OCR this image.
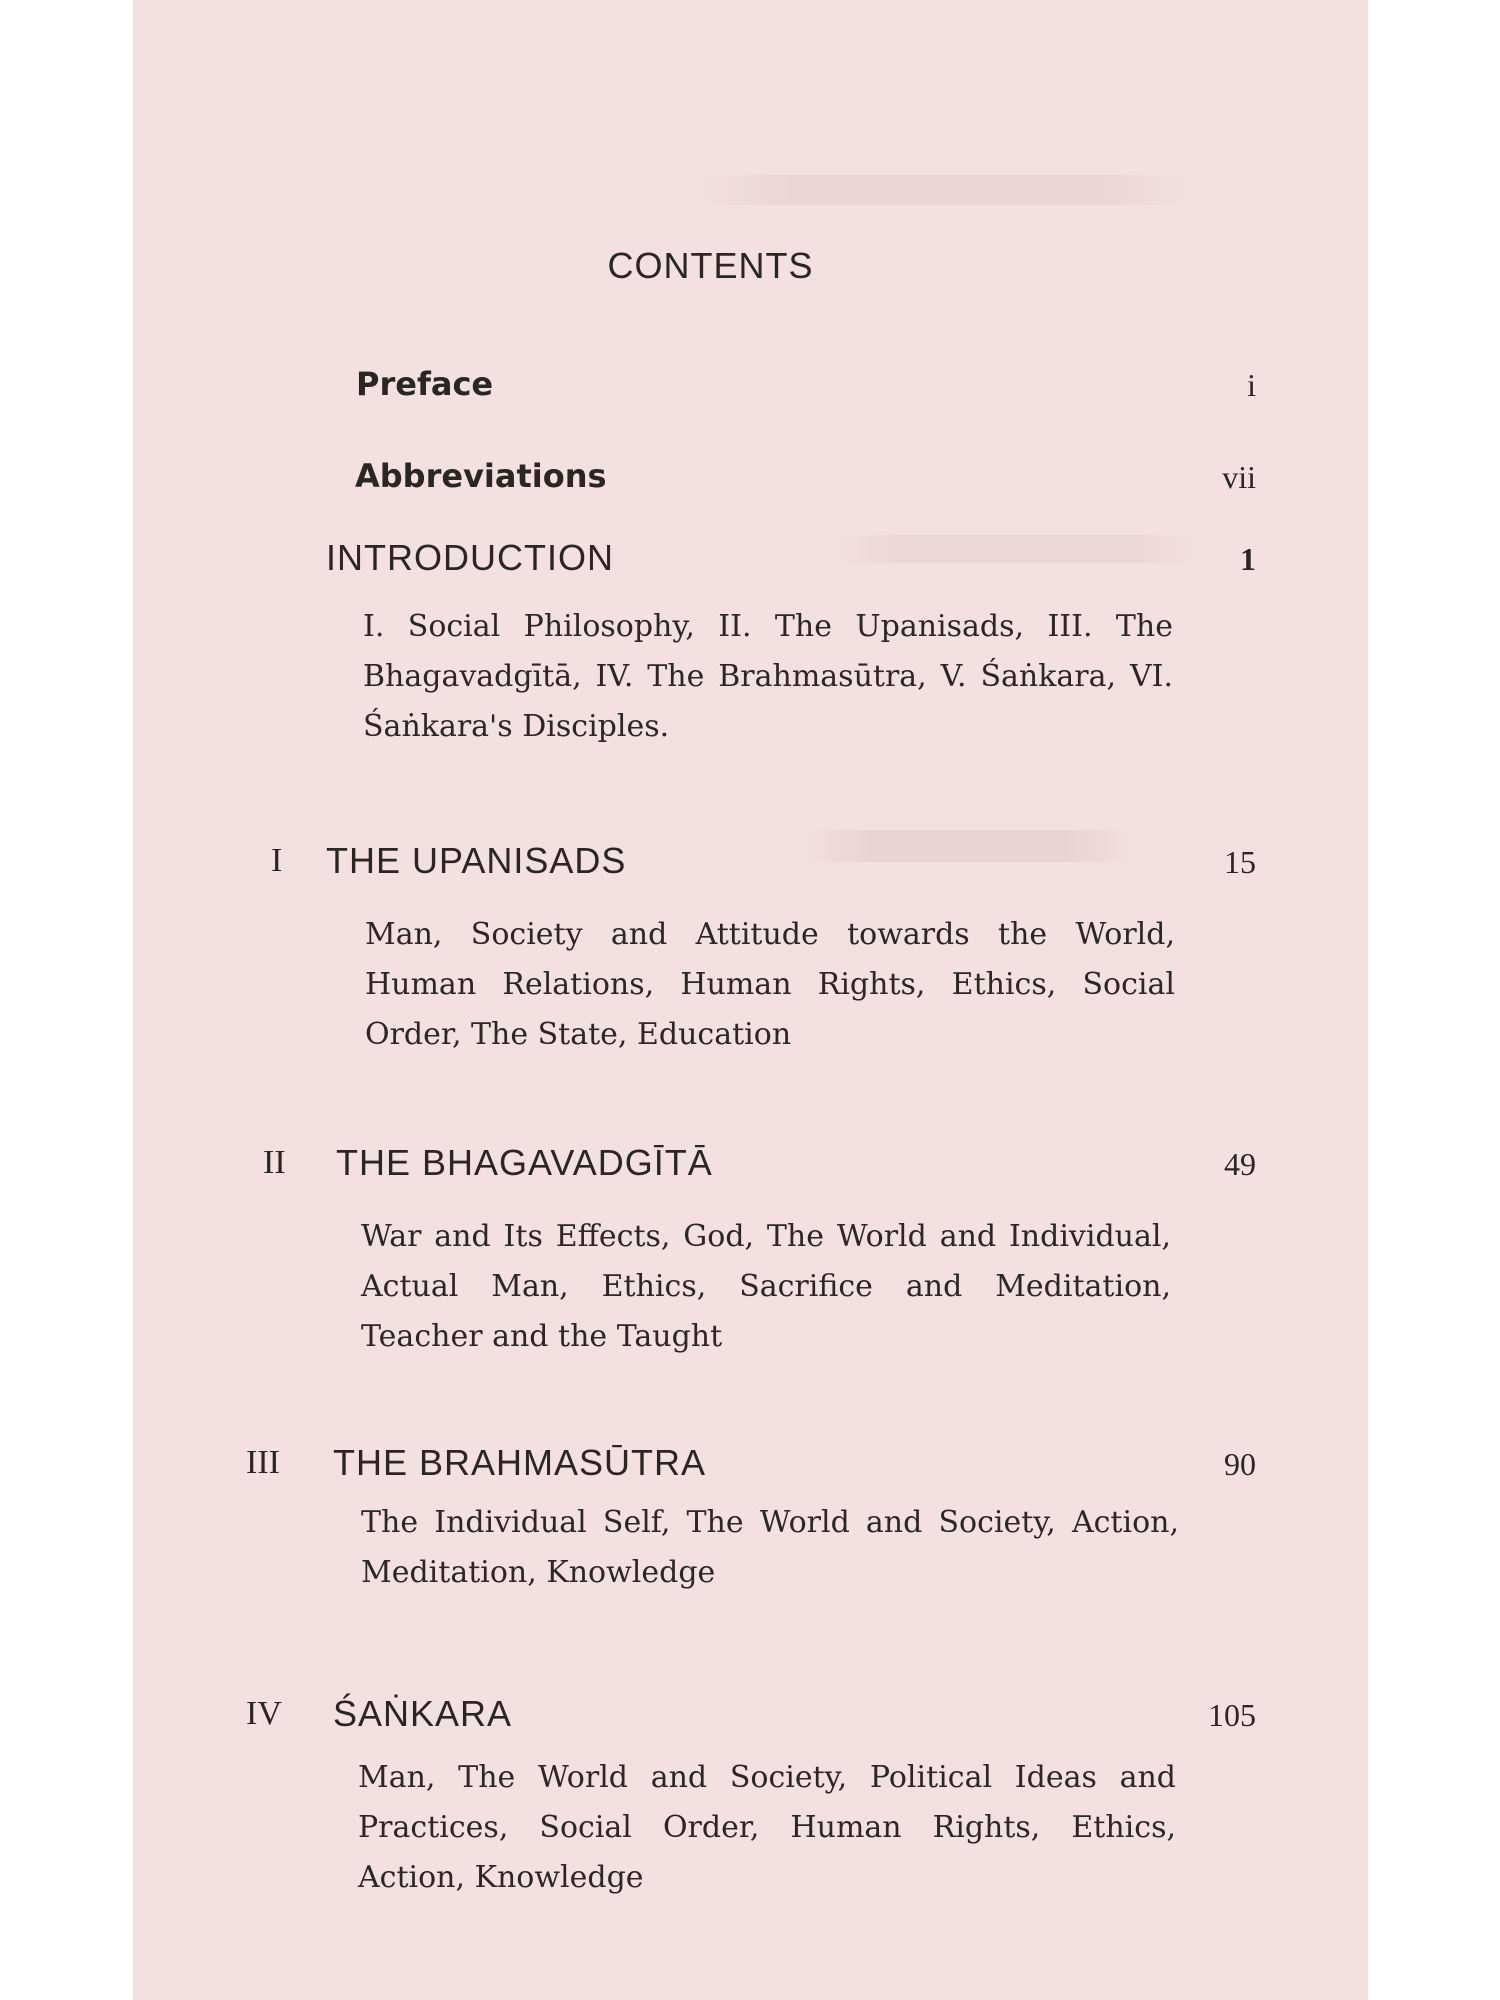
CONTENTS
Preface	i
Abbreviations	vii
INTRODUCTION	1
I. Social Philosophy, II. The Upanisads, III. The Bhagavadgītā, IV. The Brahmasūtra, V. Śaṅkara, VI. Śaṅkara's Disciples.
I THE UPANISADS	15
Man, Society and Attitude towards the World, Human Relations, Human Rights, Ethics, Social Order, The State, Education
II THE BHAGAVADGĪTĀ	49
War and Its Effects, God, The World and Individual, Actual Man, Ethics, Sacrifice and Meditation, Teacher and the Taught
III THE BRAHMASŪTRA	90
The Individual Self, The World and Society, Action, Meditation, Knowledge
IV ŚAṄKARA	105
Man, The World and Society, Political Ideas and Practices, Social Order, Human Rights, Ethics, Action, Knowledge
